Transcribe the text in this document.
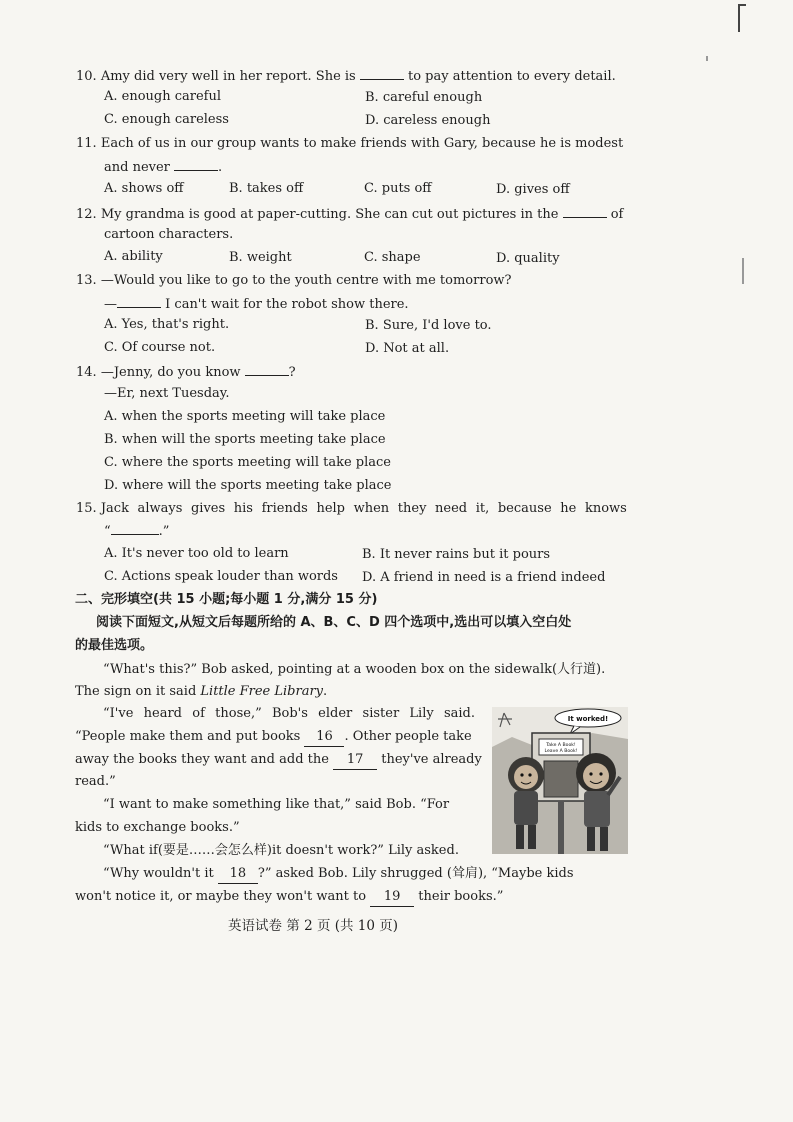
10. Amy did very well in her report. She is	to pay attention to every detail.
A. enough careful	B. careful enough
C. enough careless	D. careless enough
11. Each of us in our group wants to make friends with Gary, because he is modest
and never	.
A. shows off	B. takes off	C. puts off	D. gives off
12. My grandma is good at paper-cutting. She can cut out pictures in the	of
cartoon characters.
A. ability	B. weight	C. shape	D. quality
13. —Would you like to go to the youth centre with me tomorrow?
—	I can't wait for the robot show there.
A. Yes, that's right.	B. Sure, I'd love to.
C. Of course not.	D. Not at all.
14. —Jenny, do you know	?
—Er, next Tuesday.
A. when the sports meeting will take place
B. when will the sports meeting take place
C. where the sports meeting will take place
D. where will the sports meeting take place
15. Jack always gives his friends help when they need it, because he knows
“	.”
A. It's never too old to learn	B. It never rains but it pours
C. Actions speak louder than words D. A friend in need is a friend indeed
二、完形填空(共 15 小题;每小题 1 分,满分 15 分)
阅读下面短文,从短文后每题所给的 A、B、C、D 四个选项中,选出可以填入空白处
的最佳选项。
“What's this?” Bob asked, pointing at a wooden box on the sidewalk(人行道).
The sign on it said Little Free Library.
“I've heard of those,” Bob's elder sister Lily said.
“People make them and put books 16 . Other people take
away the books they want and add the 17 they've already
read.”
“I want to make something like that,” said Bob. “For
kids to exchange books.”
“What if(要是……会怎么样)it doesn't work?” Lily asked.
“Why wouldn't it 18 ?” asked Bob. Lily shrugged (耸肩), “Maybe kids
won't notice it, or maybe they won't want to 19 their books.”
It worked!
Take A Book!
Leave A Book!
英语试卷 第 2 页 (共 10 页)
